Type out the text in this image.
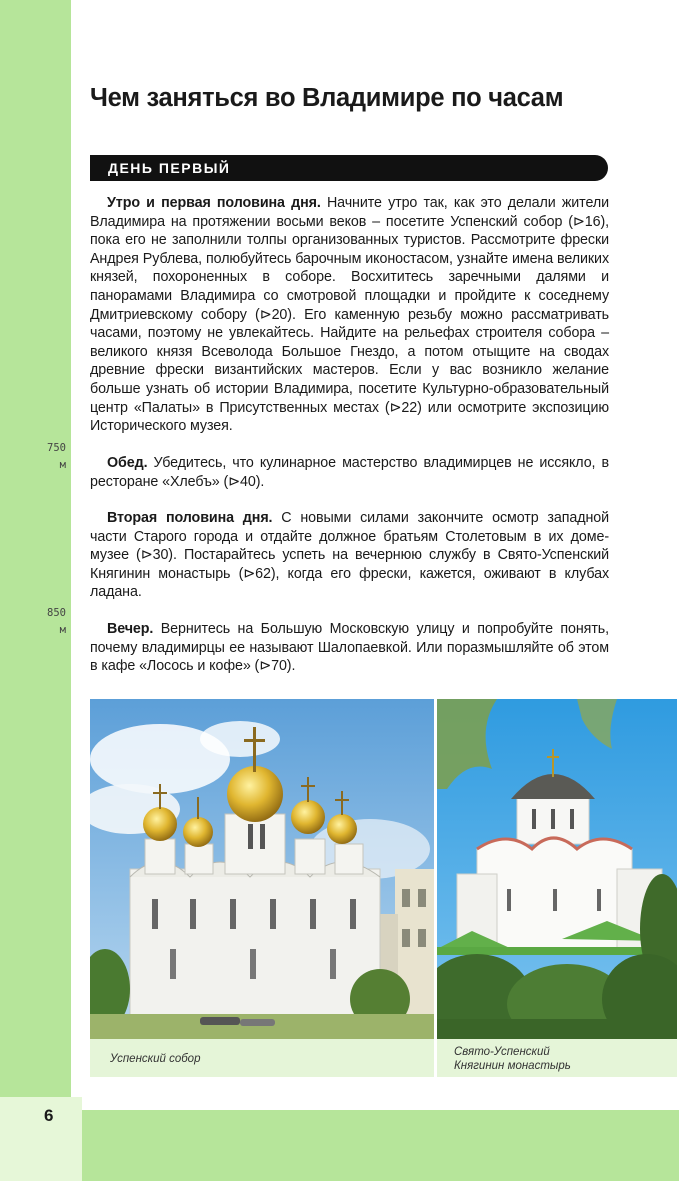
6
750
м
850
м
Чем заняться во Владимире по часам
ДЕНЬ ПЕРВЫЙ

Утро и первая половина дня. Начните утро так, как это делали жители Владимира на протяжении восьми веков – посетите Успенский собор (⊳16), пока его не заполнили толпы организованных туристов. Рассмотрите фрески Андрея Рублева, полюбуйтесь барочным иконостасом, узнайте имена великих князей, похороненных в соборе. Восхититесь заречными далями и панорамами Владимира со смотровой площадки и пройдите к соседнему Дмитриевскому собору (⊳20). Его каменную резьбу можно рассматривать часами, поэтому не увлекайтесь. Найдите на рельефах строителя собора – великого князя Всеволода Большое Гнездо, а потом отыщите на сводах древние фрески византийских мастеров. Если у вас возникло желание больше узнать об истории Владимира, посетите Культурно-образовательный центр «Палаты» в Присутственных местах (⊳22) или осмотрите экспозицию Исторического музея.

Обед. Убедитесь, что кулинарное мастерство владимирцев не иссякло, в ресторане «Хлебъ» (⊳40).

Вторая половина дня. С новыми силами закончите осмотр западной части Старого города и отдайте должное братьям Столетовым в их доме-музее (⊳30). Постарайтесь успеть на вечернюю службу в Свято-Успенский Княгинин монастырь (⊳62), когда его фрески, кажется, оживают в клубах ладана.

Вечер. Вернитесь на Большую Московскую улицу и попробуйте понять, почему владимирцы ее называют Шалопаевкой. Или поразмышляйте об этом в кафе «Лосось и кофе» (⊳70).

Успенский собор
Свято-Успенский
Княгинин монастырь
